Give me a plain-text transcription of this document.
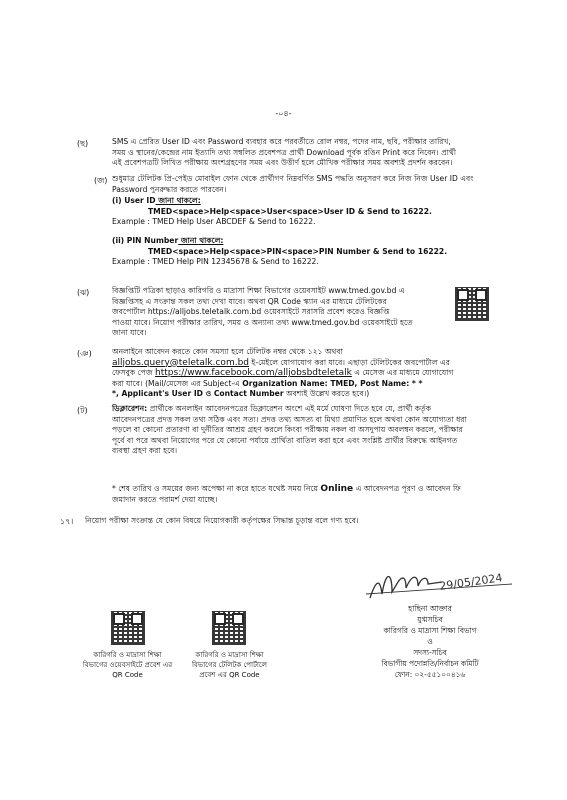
-০৪-
(ছ)	SMS এ প্রেরিত User ID এবং Password ব্যবহার করে পরবর্তীতে রোল নম্বর, পদের নাম, ছবি, পরীক্ষার তারিখ,
সময় ও স্থানের/কেন্দ্রের নাম ইত্যাদি তথ্য সম্বলিত প্রবেশপত্র প্রার্থী Download পূর্বক রঙিন Print করে নিবেন। প্রার্থী
এই প্রবেশপত্রটি লিখিত পরীক্ষায় অংশগ্রহণের সময় এবং উত্তীর্ণ হলে মৌখিক পরীক্ষার সময় অবশ্যই প্রদর্শন করবেন।
(জ) শুধুমাত্র টেলিটক প্রি-পেইড মোবাইল ফোন থেকে প্রার্থীগণ নিম্নবর্ণিত SMS পদ্ধতি অনুসরণ করে নিজ নিজ User ID এবং
Password পুনরুদ্ধার করতে পারবেন।
(i) User ID জানা থাকলে:
TMED<space>Help<space>User<space>User ID & Send to 16222.
Example : TMED Help User ABCDEF & Send to 16222.
(ii) PIN Number জানা থাকলে:
TMED<space>Help<space>PIN<space>PIN Number & Send to 16222.
Example : TMED Help PIN 12345678 & Send to 16222.
(ঝ)	বিজ্ঞপ্তিটি পত্রিকা ছাড়াও কারিগরি ও মাদ্রাসা শিক্ষা বিভাগের ওয়েবসাইট www.tmed.gov.bd এ
বিজ্ঞপ্তিসহ এ সংক্রান্ত সকল তথ্য দেখা যাবে। অথবা QR Code স্ক্যান এর মাধ্যমে টেলিটকের
জবপোর্টাল https://alljobs.teletalk.com.bd ওয়েবসাইটে সরাসরি প্রবেশ করেও বিজ্ঞপ্তি
পাওয়া যাবে। নিয়োগ পরীক্ষার তারিখ, সময় ও অন্যান্য তথ্য www.tmed.gov.bd ওয়েবসাইটে হতে
জানা যাবে।
(ঞ)	অনলাইনে আবেদন করতে কোন সমস্যা হলে টেলিটক নম্বর থেকে ১২১ অথবা
alljobs.query@teletalk.com.bd ই-মেইলে যোগাযোগ করা যাবে। এছাড়া টেলিটকের জবপোর্টাল এর
ফেসবুক পেজ https://www.facebook.com/alljobsbdteletalk এ মেসেজ এর মাধ্যমে যোগাযোগ
করা যাবে। (Mail/মেসেজ এর Subject-এ Organization Name: TMED, Post Name: * *
*, Applicant's User ID ও Contact Number অবশ্যই উল্লেখ করতে হবে।)
(ট)	ডিক্লারেশন: প্রার্থীকে অনলাইন আবেদনপত্রের ডিক্লারেশন অংশে এই মর্মে ঘোষণা দিতে হবে যে, প্রার্থী কর্তৃক
আবেদনপত্রের প্রদত্ত সকল তথ্য সঠিক এবং সত্য। প্রদত্ত তথ্য অসত্য বা মিথ্যা প্রমাণিত হলে অথবা কোন অযোগ্যতা ধরা
পড়লে বা কোনো প্রতারণা বা দুর্নীতির আশ্রয় গ্রহণ করলে কিংবা পরীক্ষায় নকল বা অসদুপায় অবলম্বন করলে, পরীক্ষার
পূর্বে বা পরে অথবা নিয়োগের পরে যে কোনো পর্যায়ে প্রার্থিতা বাতিল করা হবে এবং সংশ্লিষ্ট প্রার্থীর বিরুদ্ধে আইনগত
ব্যবস্থা গ্রহণ করা হবে।
* শেষ তারিখ ও সময়ের জন্য অপেক্ষা না করে হাতে যথেষ্ট সময় নিয়ে Online এ আবেদনপত্র পূরণ ও আবেদন ফি
জমাদান করতে পরামর্শ দেয়া যাচ্ছে।
১৭। নিয়োগ পরীক্ষা সংক্রান্ত যে কোন বিষয়ে নিয়োগকারী কর্তৃপক্ষের সিদ্ধান্ত চূড়ান্ত বলে গণ্য হবে।
কারিগরি ও মাদ্রাসা শিক্ষা
বিভাগের ওয়েবসাইটে প্রবেশ এর
QR Code
কারিগরি ও মাদ্রাসা শিক্ষা
বিভাগের টেলিটক পোর্টালে
প্রবেশ এর QR Code
29/05/2024
হাছিনা আক্তার
যুগ্মসচিব
কারিগরি ও মাদ্রাসা শিক্ষা বিভাগ
ও
সদস্য-সচিব
বিভাগীয় পদোন্নতি/নির্বাচন কমিটি
ফোন: ০২-৫৫১০০৪১৬
